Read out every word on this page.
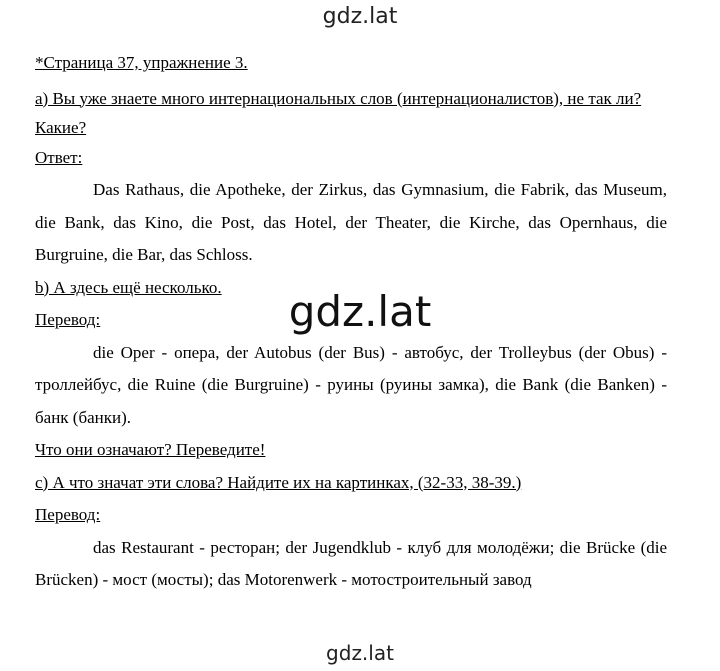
gdz.lat
*Страница 37, упражнение 3.
а) Вы уже знаете много интернациональных слов (интернационалистов), не так ли? Какие?
Ответ:
Das Rathaus, die Apotheke, der Zirkus, das Gymnasium, die Fabrik, das Museum, die Bank, das Kino, die Post, das Hotel, der Theater, die Kirche, das Opernhaus, die Burgruine, die Bar, das Schloss.
b) А здесь ещё несколько.
Перевод:
die Oper - опера, der Autobus (der Bus) - автобус, der Trolleybus (der Obus) - троллейбус, die Ruine (die Burgruine) - руины (руины замка), die Bank (die Banken) - банк (банки).
Что они означают? Переведите!
с) А что значат эти слова? Найдите их на картинках, (32-33, 38-39.)
Перевод:
das Restaurant - ресторан; der Jugendklub - клуб для молодёжи; die Brücke (die Brücken) - мост (мосты); das Motorenwerk - мотостроительный завод
gdz.lat
gdz.lat
